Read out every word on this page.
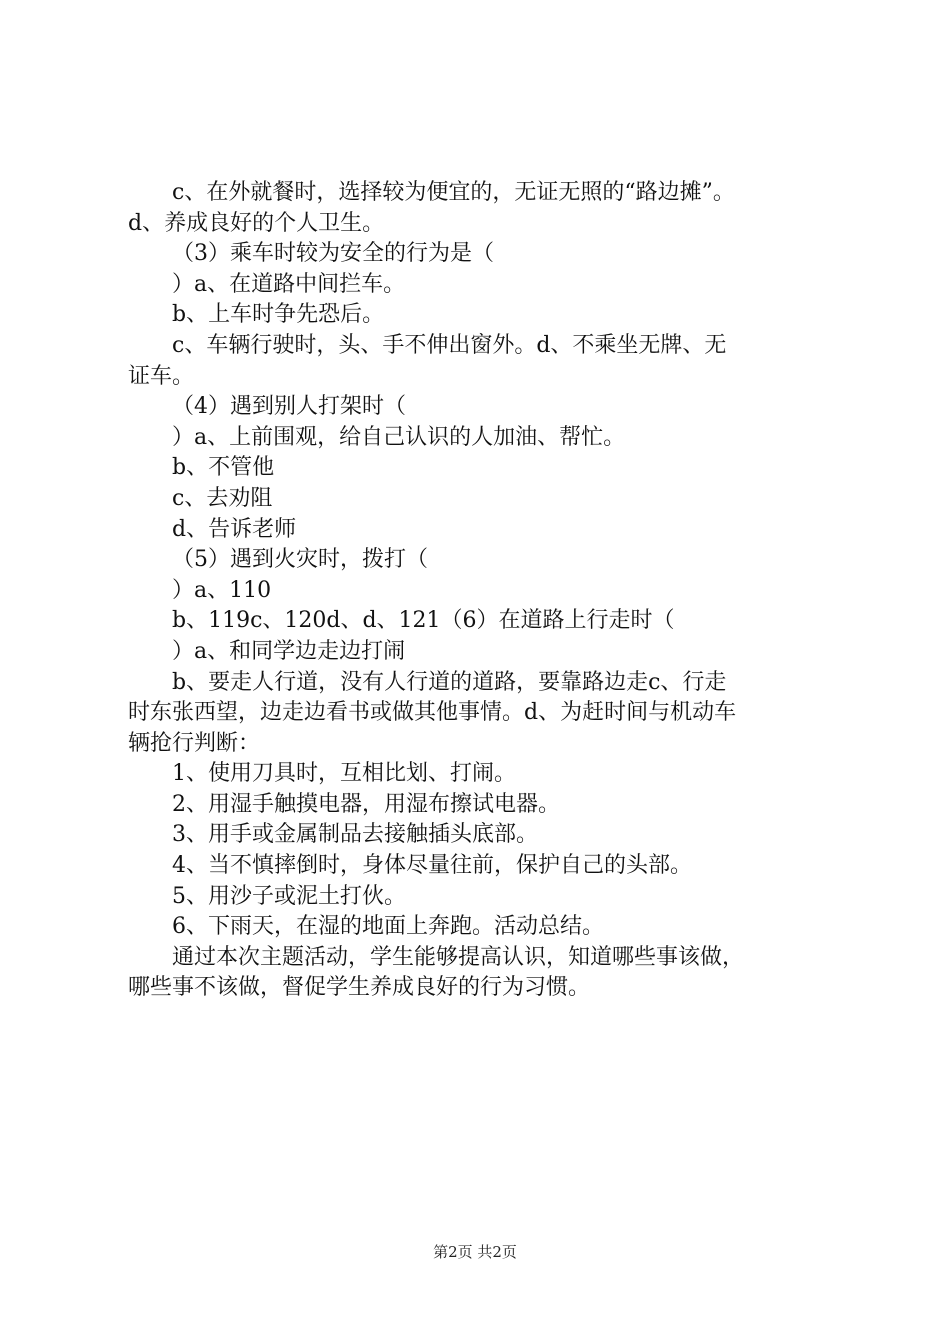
c、在外就餐时，选择较为便宜的，无证无照的“路边摊”。
d、养成良好的个人卫生。
（3）乘车时较为安全的行为是（
）a、在道路中间拦车。
b、上车时争先恐后。
c、车辆行驶时，头、手不伸出窗外。d、不乘坐无牌、无
证车。
（4）遇到别人打架时（
）a、上前围观，给自己认识的人加油、帮忙。
b、不管他
c、去劝阻
d、告诉老师
（5）遇到火灾时，拨打（
）a、110
b、119c、120d、d、121（6）在道路上行走时（
）a、和同学边走边打闹
b、要走人行道，没有人行道的道路，要靠路边走c、行走
时东张西望，边走边看书或做其他事情。d、为赶时间与机动车
辆抢行判断：
1、使用刀具时，互相比划、打闹。
2、用湿手触摸电器，用湿布擦试电器。
3、用手或金属制品去接触插头底部。
4、当不慎摔倒时，身体尽量往前，保护自己的头部。
5、用沙子或泥土打伙。
6、下雨天，在湿的地面上奔跑。活动总结。
通过本次主题活动，学生能够提高认识，知道哪些事该做，
哪些事不该做，督促学生养成良好的行为习惯。
第2页 共2页
